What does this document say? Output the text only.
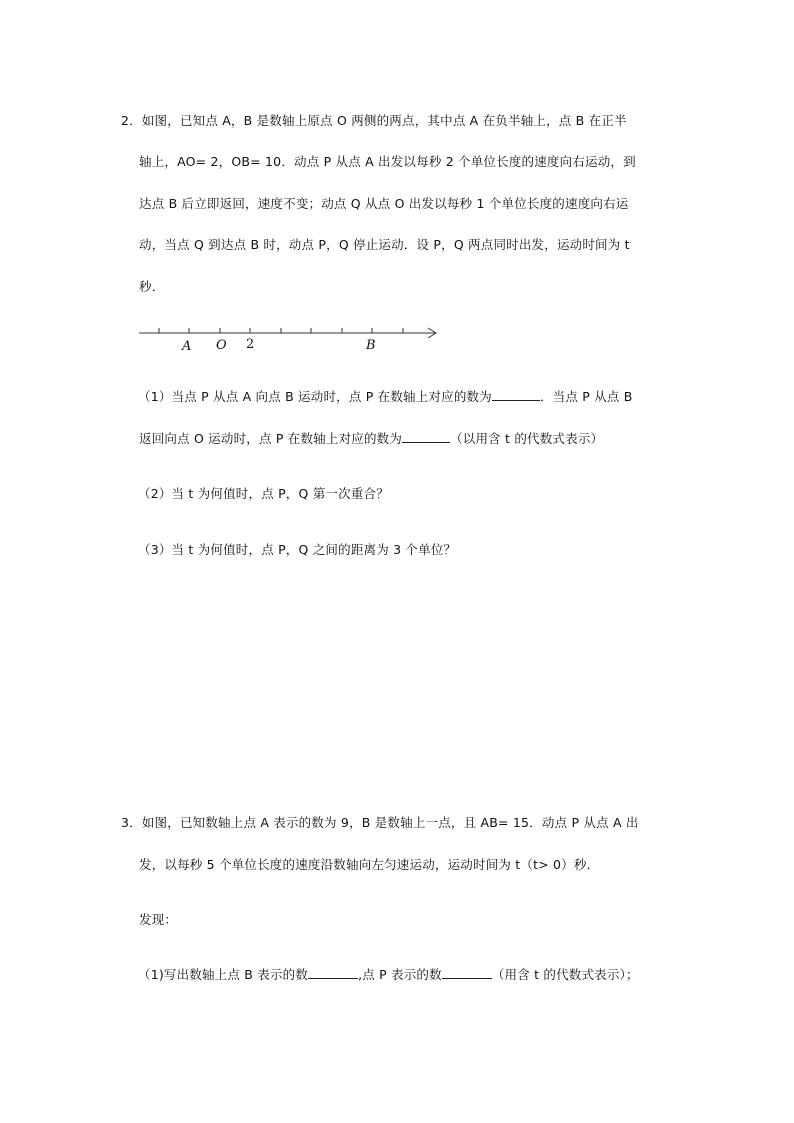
2．如图，已知点 A，B 是数轴上原点 O 两侧的两点，其中点 A 在负半轴上，点 B 在正半
轴上，AO= 2，OB= 10．动点 P 从点 A 出发以每秒 2 个单位长度的速度向右运动，到
达点 B 后立即返回，速度不变；动点 Q 从点 O 出发以每秒 1 个单位长度的速度向右运
动，当点 Q 到达点 B 时，动点 P，Q 停止运动．设 P，Q 两点同时出发，运动时间为 t
秒．
A O 2	B
（1）当点 P 从点 A 向点 B 运动时，点 P 在数轴上对应的数为	．当点 P 从点 B
返回向点 O 运动时，点 P 在数轴上对应的数为	（以用含 t 的代数式表示）
（2）当 t 为何值时，点 P，Q 第一次重合？
（3）当 t 为何值时，点 P，Q 之间的距离为 3 个单位？
3．如图，已知数轴上点 A 表示的数为 9，B 是数轴上一点，且 AB= 15．动点 P 从点 A 出
发，以每秒 5 个单位长度的速度沿数轴向左匀速运动，运动时间为 t（t> 0）秒．
发现：
（1)写出数轴上点 B 表示的数	,点 P 表示的数	（用含 t 的代数式表示）；
